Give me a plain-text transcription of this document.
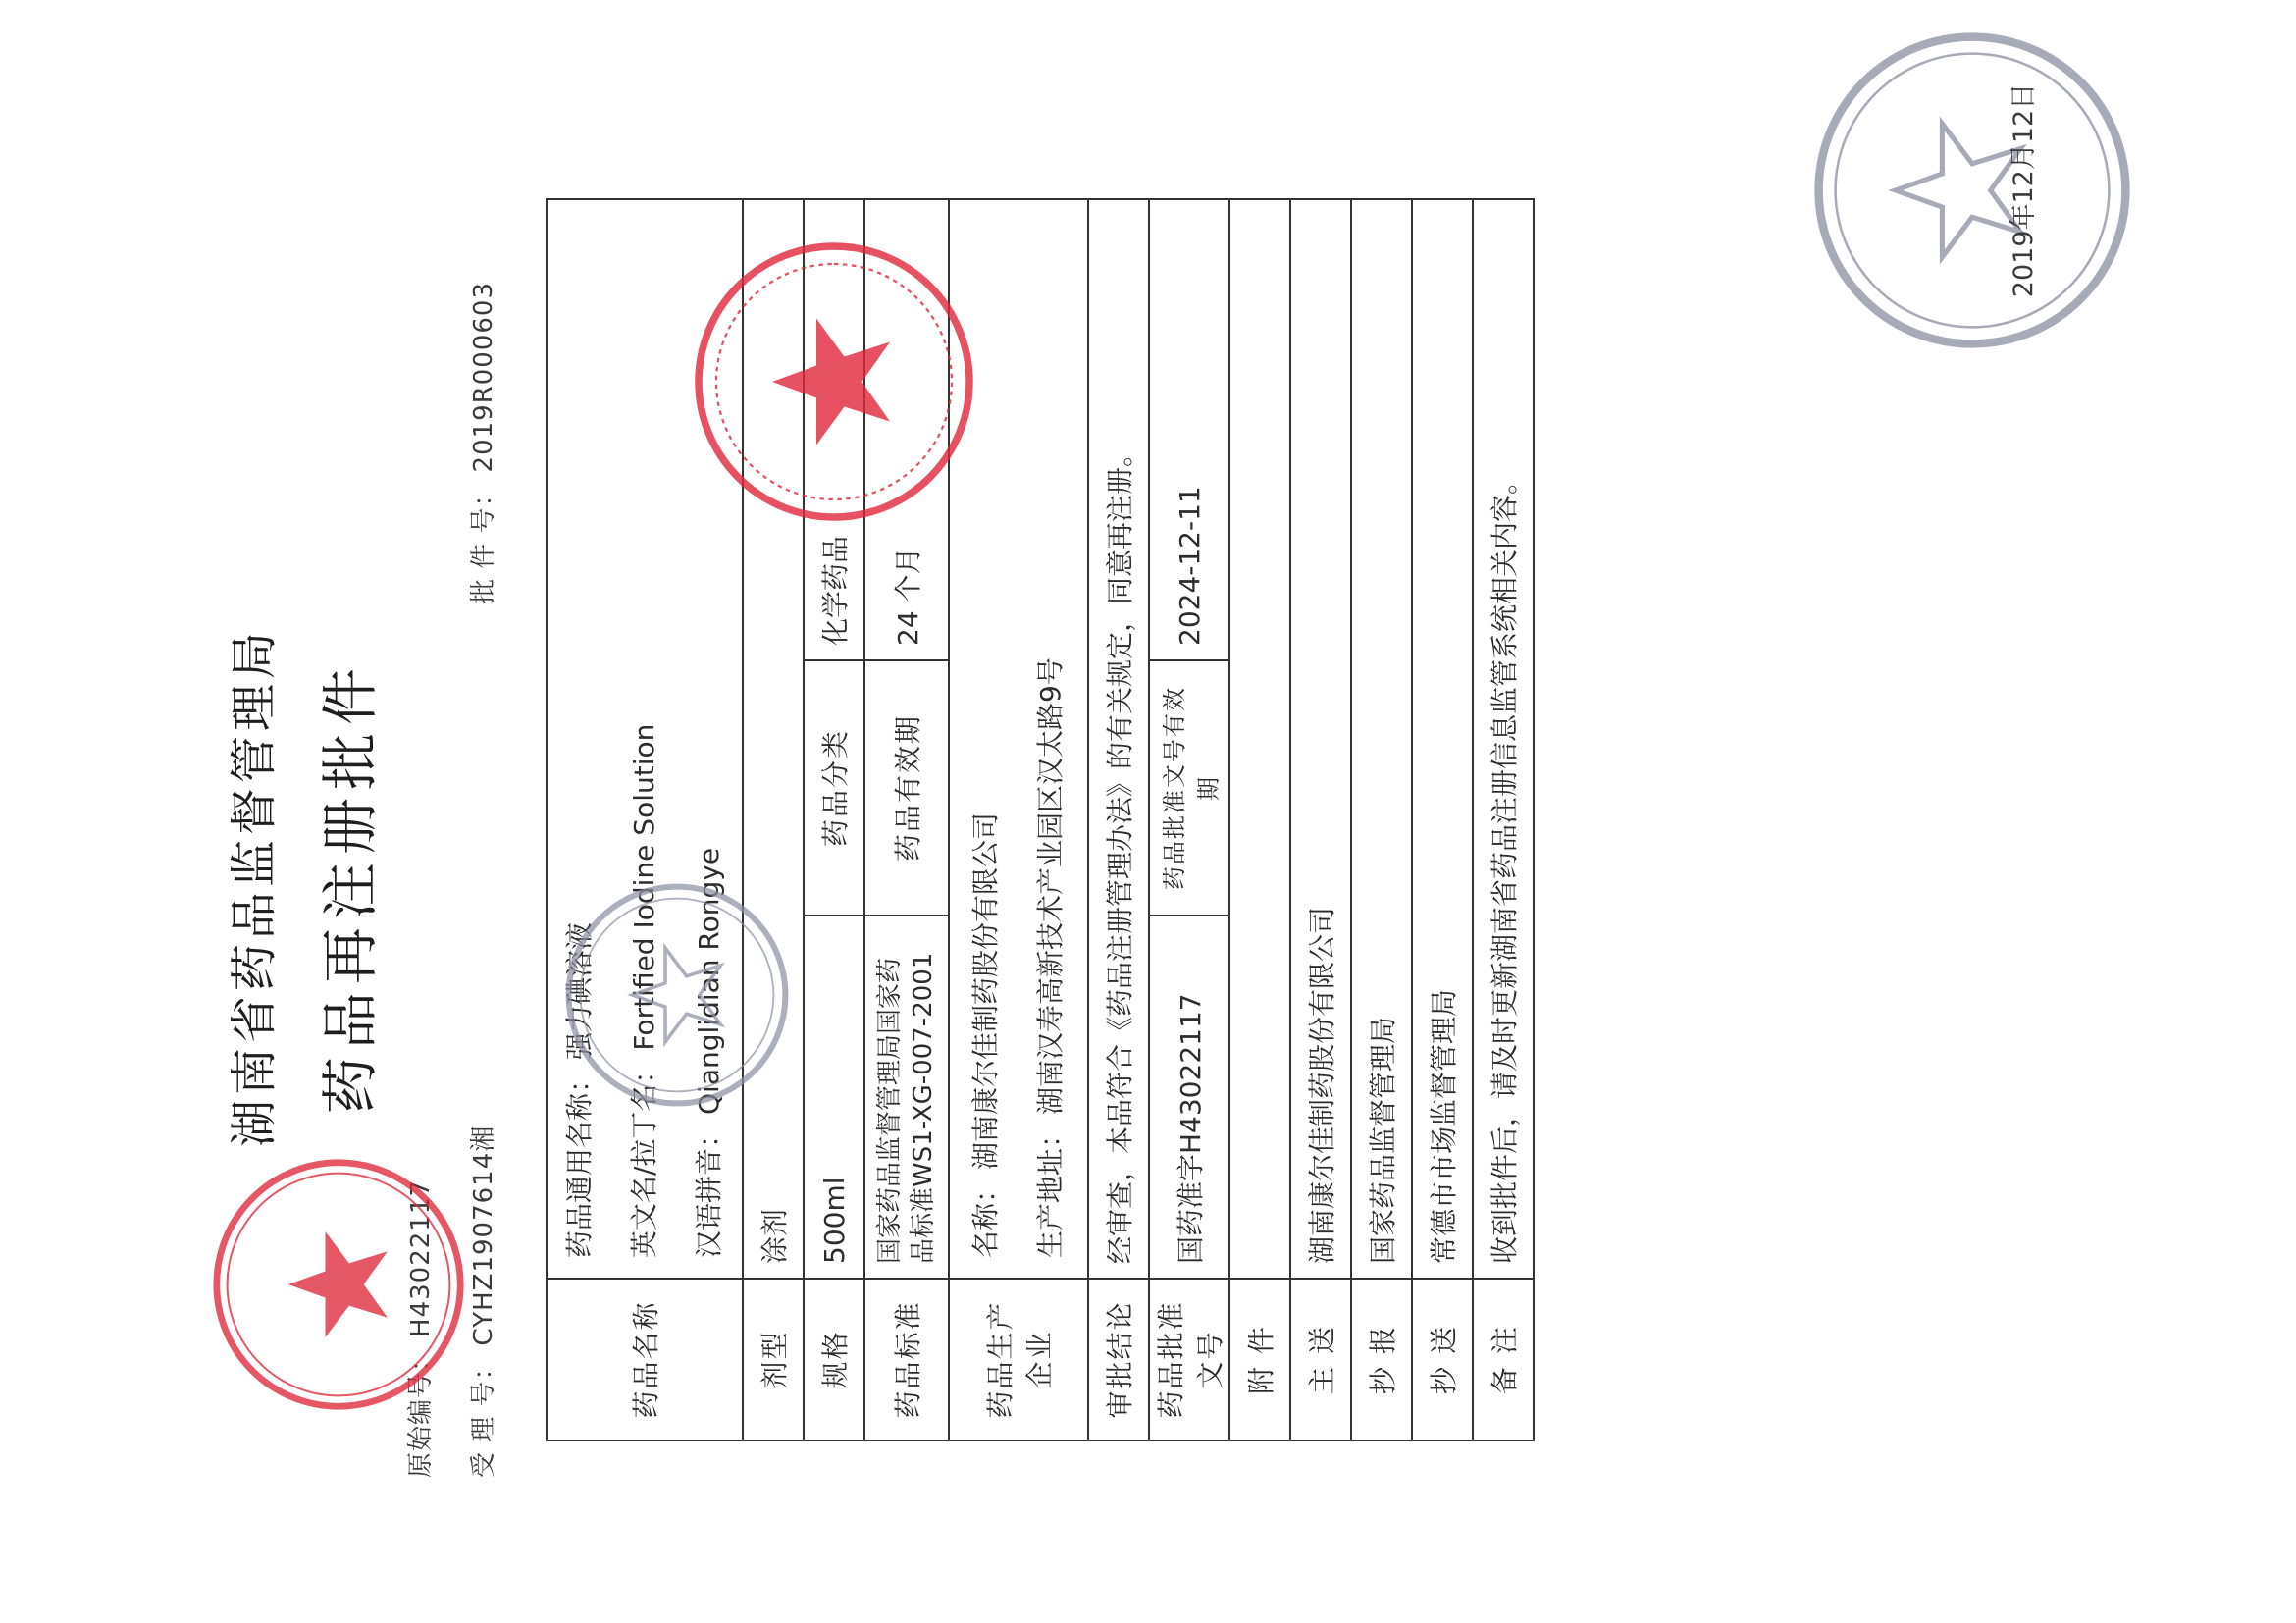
湖南省药品监督管理局 药品再注册批件
原始编号：H43022117
受 理 号：CYHZ1907614湘
批 件 号：2019R000603
药品名称	药品通用名称：强力碘溶液
英文名/拉丁名：Fortified Iodine Solution
汉语拼音：Qianglidian Rongye		

剂型	涂剂		
规格	500ml	药品分类	化学药品
药品标准	国家药品监督管理局国家药 品标准WS1-XG-007-2001	药品有效期	24 个月
药品生产企业	名称：湖南康尔佳制药股份有限公司
生产地址：湖南汉寿高新技术产业园区汉太路9号		

审批结论	经审查，本品符合《药品注册管理办法》的有关规定，同意再注册。		
药品批准文号	国药准字H43022117	药品批准文号有效期	2024-12-11
附 件			
主 送	湖南康尔佳制药股份有限公司		
抄 报	国家药品监督管理局		
抄 送	常德市市场监督管理局		
备 注	收到批件后，请及时更新湖南省药品注册信息监管系统相关内容。		
2019年12月12日
